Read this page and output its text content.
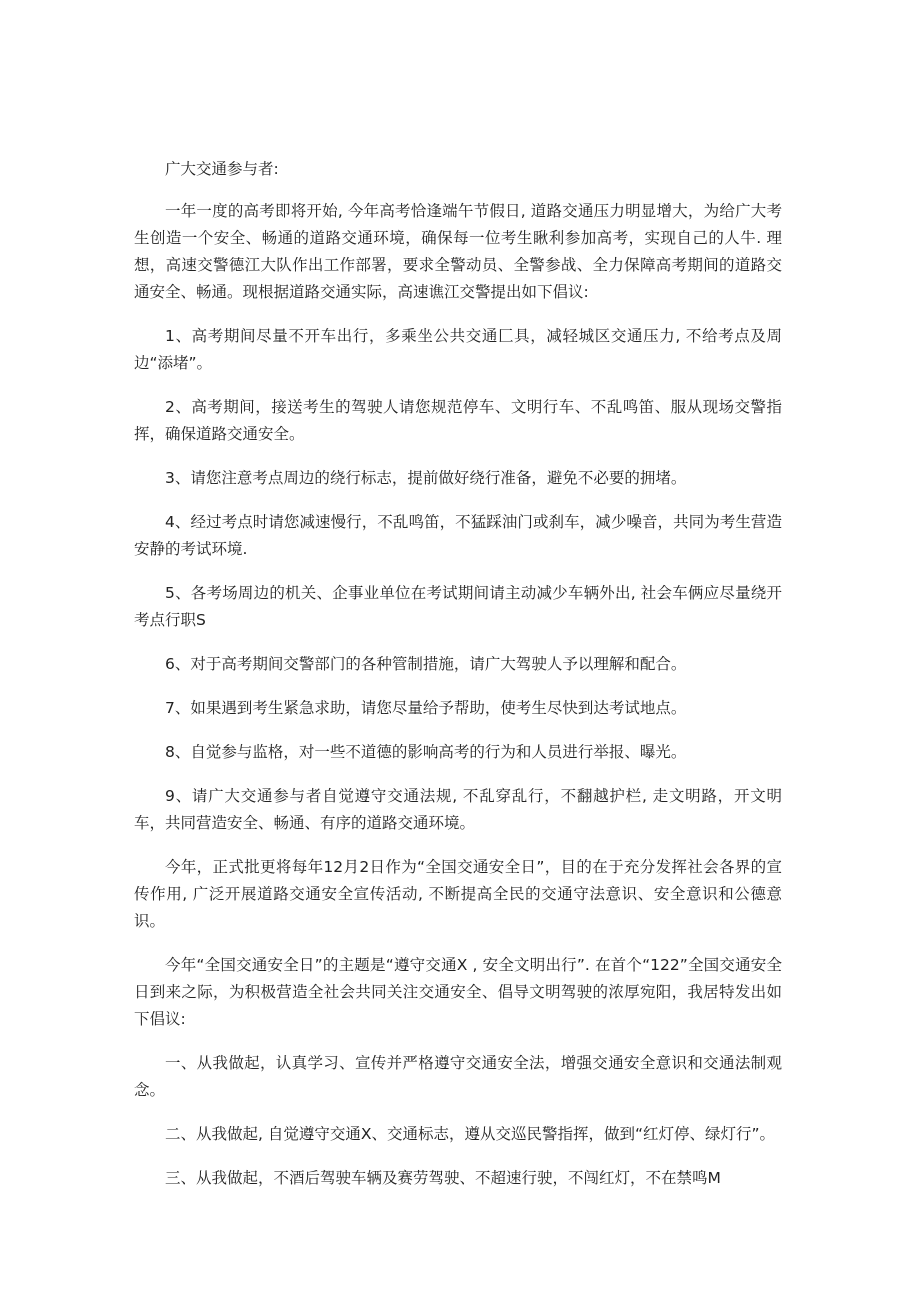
广大交通参与者:

一年一度的高考即将开始, 今年高考恰逢端午节假日, 道路交通压力明显增大，为给广大考生创造一个安全、畅通的道路交通环境，确保每一位考生瞅利参加高考，实现自己的人牛. 理想，高速交警德江大队作出工作部署，要求全警动员、全警参战、全力保障高考期间的道路交通安全、畅通。现根据道路交通实际，高速谯江交警提出如下倡议:

1、高考期间尽量不开车出行，多乘坐公共交通匚具，减轻城区交通压力, 不给考点及周边“添堵”。

2、高考期间，接送考生的驾驶人请您规范停车、文明行车、不乱鸣笛、服从现场交警指挥，确保道路交通安全。

3、请您注意考点周边的绕行标志，提前做好绕行准备，避免不必要的拥堵。

4、经过考点时请您减速慢行，不乱鸣笛，不猛踩油门或刹车，减少噪音，共同为考生营造安静的考试环境.

5、各考场周边的机关、企事业单位在考试期间请主动减少车辆外出, 社会车俩应尽量绕开考点行职S

6、对于高考期间交警部门的各种管制措施，请广大驾驶人予以理解和配合。

7、如果遇到考生紧急求助，请您尽量给予帮助，使考生尽快到达考试地点。

8、自觉参与监格，对一些不道德的影响高考的行为和人员进行举报、曝光。

9、请广大交通参与者自觉遵守交通法规, 不乱穿乱行，不翻越护栏, 走文明路，开文明车，共同营造安全、畅通、有序的道路交通环境。

今年，正式批更将每年12月2日作为“全国交通安全日”，目的在于充分发挥社会各界的宣传作用, 广泛开展道路交通安全宣传活动, 不断提高全民的交通守法意识、安全意识和公德意识。

今年“全国交通安全日”的主题是“遵守交通X , 安全文明出行”. 在首个“122”全国交通安全日到来之际，为积极营造全社会共同关注交通安全、倡导文明驾驶的浓厚宛阳，我居特发出如下倡议:

一、从我做起，认真学习、宣传并严格遵守交通安全法，增强交通安全意识和交通法制观念。

二、从我做起, 自觉遵守交通X、交通标志，遵从交巡民警指挥，做到“红灯停、绿灯行”。

三、从我做起，不酒后驾驶车辆及赛劳驾驶、不超速行驶，不闯红灯，不在禁鸣M
